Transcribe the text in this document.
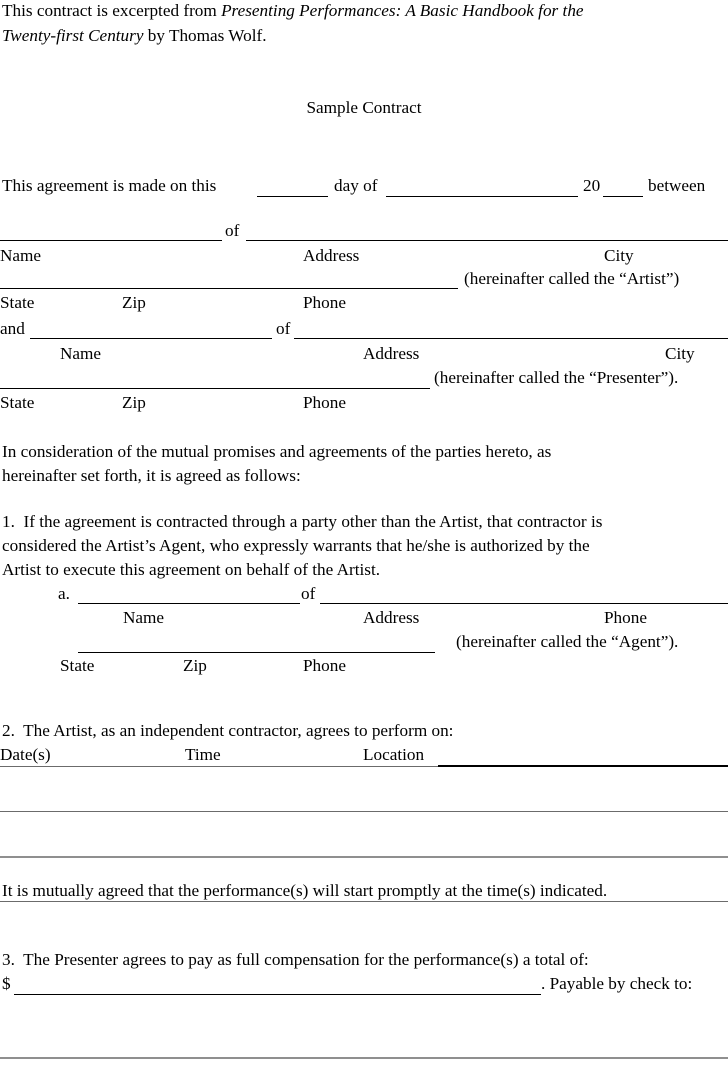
This contract is excerpted from Presenting Performances: A Basic Handbook for the
Twenty-first Century by Thomas Wolf.
Sample Contract
This agreement is made on this	day of	20	between
of
Name	Address	City
(hereinafter called the “Artist”)
State	Zip	Phone
and	of
Name	Address	City
(hereinafter called the “Presenter”).
State	Zip	Phone
In consideration of the mutual promises and agreements of the parties hereto, as
hereinafter set forth, it is agreed as follows:
1.  If the agreement is contracted through a party other than the Artist, that contractor is
considered the Artist’s Agent, who expressly warrants that he/she is authorized by the
Artist to execute this agreement on behalf of the Artist.
a.	of
Name	Address	Phone
(hereinafter called the “Agent”).
State	Zip	Phone
2.  The Artist, as an independent contractor, agrees to perform on:
Date(s)	Time	Location
It is mutually agreed that the performance(s) will start promptly at the time(s) indicated.
3.  The Presenter agrees to pay as full compensation for the performance(s) a total of:
$	. Payable by check to:
